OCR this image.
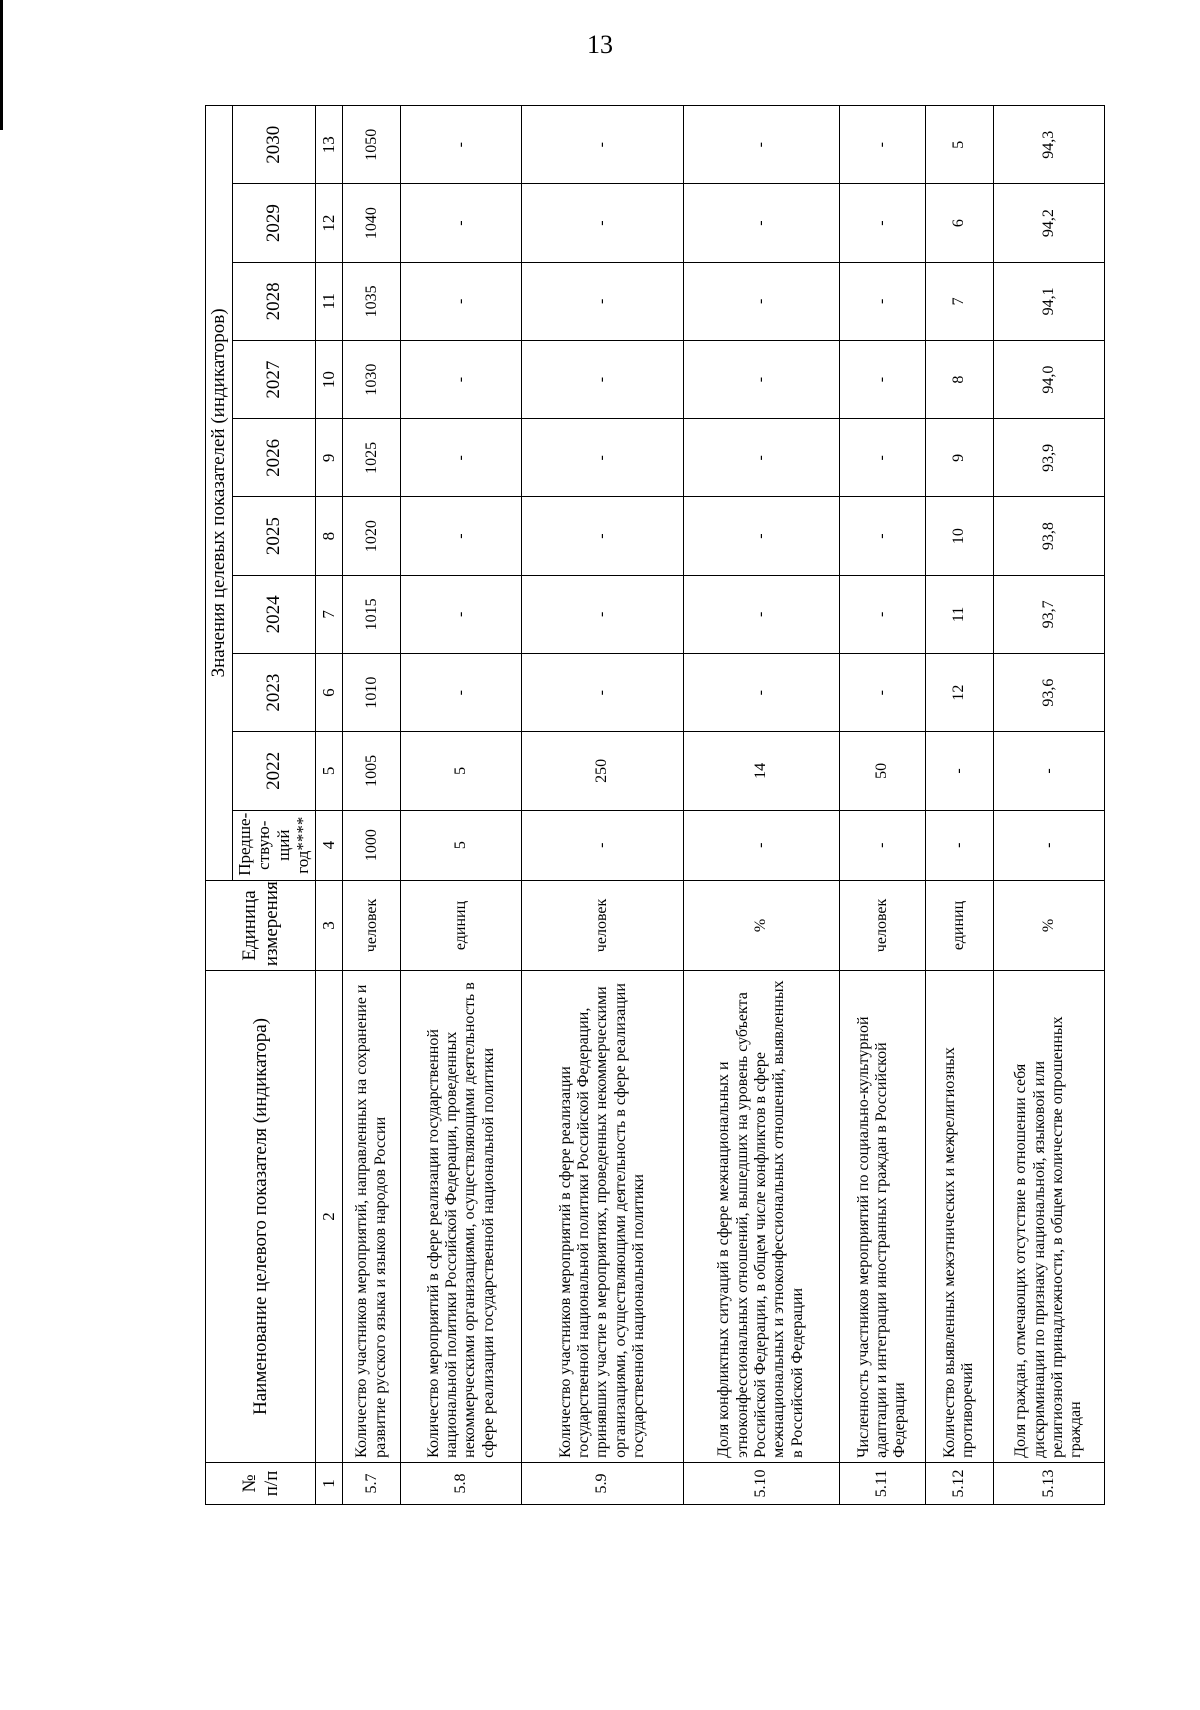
13
№ п/п	Наименование целевого показателя (индикатора)	Единица измерения	Значения целевых показателей (индикаторов)									
			Предше-ствую-щий год****	2022	2023	2024	2025	2026	2027	2028	2029	2030
1	2	3	4	5	6	7	8	9	10	11	12	13
5.7	Количество участников мероприятий, направленных на сохранение и развитие русского языка и языков народов России	человек	1000	1005	1010	1015	1020	1025	1030	1035	1040	1050
5.8	Количество мероприятий в сфере реализации государственной национальной политики Российской Федерации, проведенных некоммерческими организациями, осуществляющими деятельность в сфере реализации государственной национальной политики	единиц	5	5	-	-	-	-	-	-	-	-
5.9	Количество участников мероприятий в сфере реализации государственной национальной политики Российской Федерации, принявших участие в мероприятиях, проведенных некоммерческими организациями, осуществляющими деятельность в сфере реализации государственной национальной политики	человек	-	250	-	-	-	-	-	-	-	-
5.10	Доля конфликтных ситуаций в сфере межнациональных и этноконфессиональных отношений, вышедших на уровень субъекта Российской Федерации, в общем числе конфликтов в сфере межнациональных и этноконфессиональных отношений, выявленных в Российской Федерации	%	-	14	-	-	-	-	-	-	-	-
5.11	Численность участников мероприятий по социально-культурной адаптации и интеграции иностранных граждан в Российской Федерации	человек	-	50	-	-	-	-	-	-	-	-
5.12	Количество выявленных межэтнических и межрелигиозных противоречий	единиц	-	-	12	11	10	9	8	7	6	5
5.13	Доля граждан, отмечающих отсутствие в отношении себя дискриминации по признаку национальной, языковой или религиозной принадлежности, в общем количестве опрошенных граждан	%	-	-	93,6	93,7	93,8	93,9	94,0	94,1	94,2	94,3
